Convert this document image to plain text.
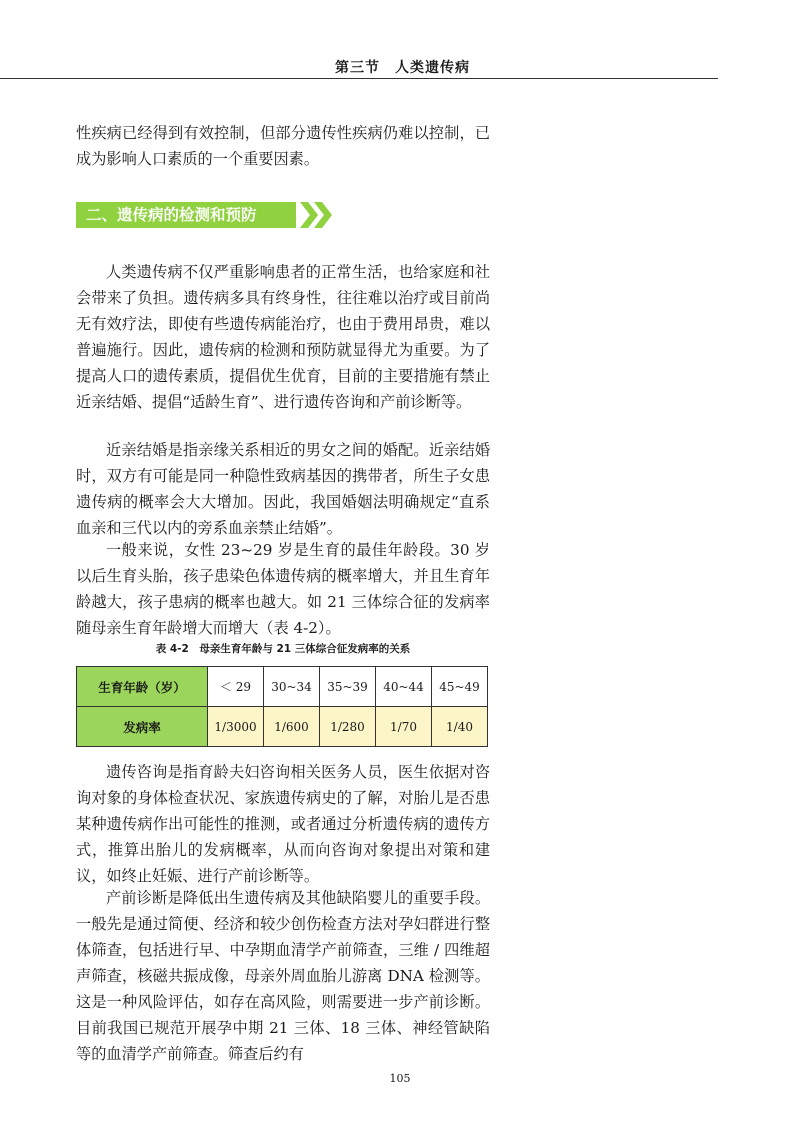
第三节　人类遗传病

性疾病已经得到有效控制，但部分遗传性疾病仍难以控制，已成为影响人口素质的一个重要因素。

二、遗传病的检测和预防

人类遗传病不仅严重影响患者的正常生活，也给家庭和社会带来了负担。遗传病多具有终身性，往往难以治疗或目前尚无有效疗法，即使有些遗传病能治疗，也由于费用昂贵，难以普遍施行。因此，遗传病的检测和预防就显得尤为重要。为了提高人口的遗传素质，提倡优生优育，目前的主要措施有禁止近亲结婚、提倡“适龄生育”、进行遗传咨询和产前诊断等。

近亲结婚是指亲缘关系相近的男女之间的婚配。近亲结婚时，双方有可能是同一种隐性致病基因的携带者，所生子女患遗传病的概率会大大增加。因此，我国婚姻法明确规定“直系血亲和三代以内的旁系血亲禁止结婚”。

一般来说，女性 23~29 岁是生育的最佳年龄段。30 岁以后生育头胎，孩子患染色体遗传病的概率增大，并且生育年龄越大，孩子患病的概率也越大。如 21 三体综合征的发病率随母亲生育年龄增大而增大（表 4-2）。

表 4-2　母亲生育年龄与 21 三体综合征发病率的关系
生育年龄（岁）	＜ 29	30~34	35~39	40~44	45~49
发病率	1/3000	1/600	1/280	1/70	1/40

遗传咨询是指育龄夫妇咨询相关医务人员，医生依据对咨询对象的身体检查状况、家族遗传病史的了解，对胎儿是否患某种遗传病作出可能性的推测，或者通过分析遗传病的遗传方式，推算出胎儿的发病概率，从而向咨询对象提出对策和建议，如终止妊娠、进行产前诊断等。

产前诊断是降低出生遗传病及其他缺陷婴儿的重要手段。一般先是通过简便、经济和较少创伤检查方法对孕妇群进行整体筛查，包括进行早、中孕期血清学产前筛查，三维 / 四维超声筛查，核磁共振成像，母亲外周血胎儿游离 DNA 检测等。这是一种风险评估，如存在高风险，则需要进一步产前诊断。目前我国已规范开展孕中期 21 三体、18 三体、神经管缺陷等的血清学产前筛查。筛查后约有

105
